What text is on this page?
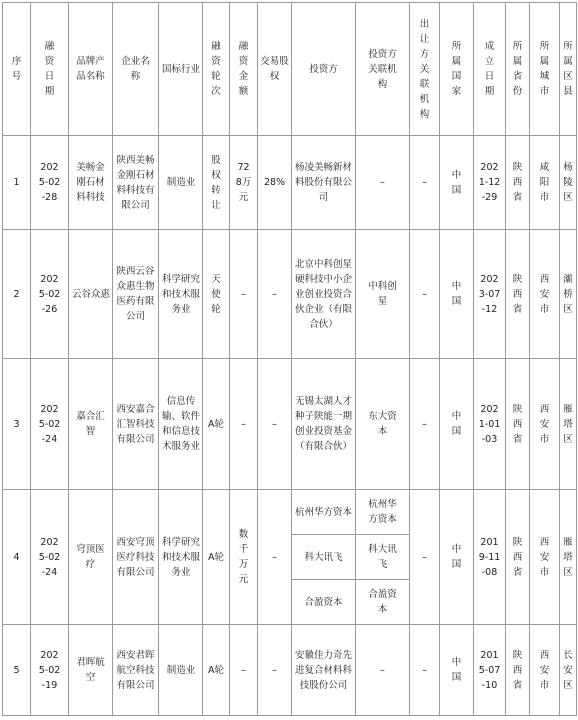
序号	融资日期	品牌产品名称	企业名称	国标行业	融资轮次	融资金额	交易股权	投资方	投资方关联机构	出让方关联机构	所属国家	成立日期	所属省份	所属城市	所属区县

1	2025-02-28	美畅金刚石材料科技	陕西美畅金刚石材料科技有限公司	制造业	股权转让	728万元	28%	杨凌美畅新材料股份有限公司	–	–	中国	2021-12-29	陕西省	咸阳市	杨陵区

2	2025-02-26	云谷众惠	陕西云谷众惠生物医药有限公司	科学研究和技术服务业	天使轮	–	–	北京中科创星硬科技中小企业创业投资合伙企业（有限合伙）	中科创星	–	中国	2023-07-12	陕西省	西安市	灞桥区

3	2025-02-24	嘉合汇智	西安嘉合汇智科技有限公司	信息传输、软件和信息技术服务业	A轮	–	–	无锡太湖人才种子陕能一期创业投资基金（有限合伙）	东大资本	–	中国	2021-01-03	陕西省	西安市	雁塔区

4	2025-02-24	穹顶医疗	西安穹顶医疗科技有限公司	科学研究和技术服务业	A轮	数千万元	–	杭州华方资本	杭州华方资本	–	中国	2019-11-08	陕西省	西安市	雁塔区

								科大讯飞	科大讯飞						

								合盈资本	合盈资本						

5	2025-02-19	君晖航空	西安君晖航空科技有限公司	制造业	A轮	–	–	安徽佳力奇先进复合材料科技股份公司	–	–	中国	2015-07-10	陕西省	西安市	长安区
